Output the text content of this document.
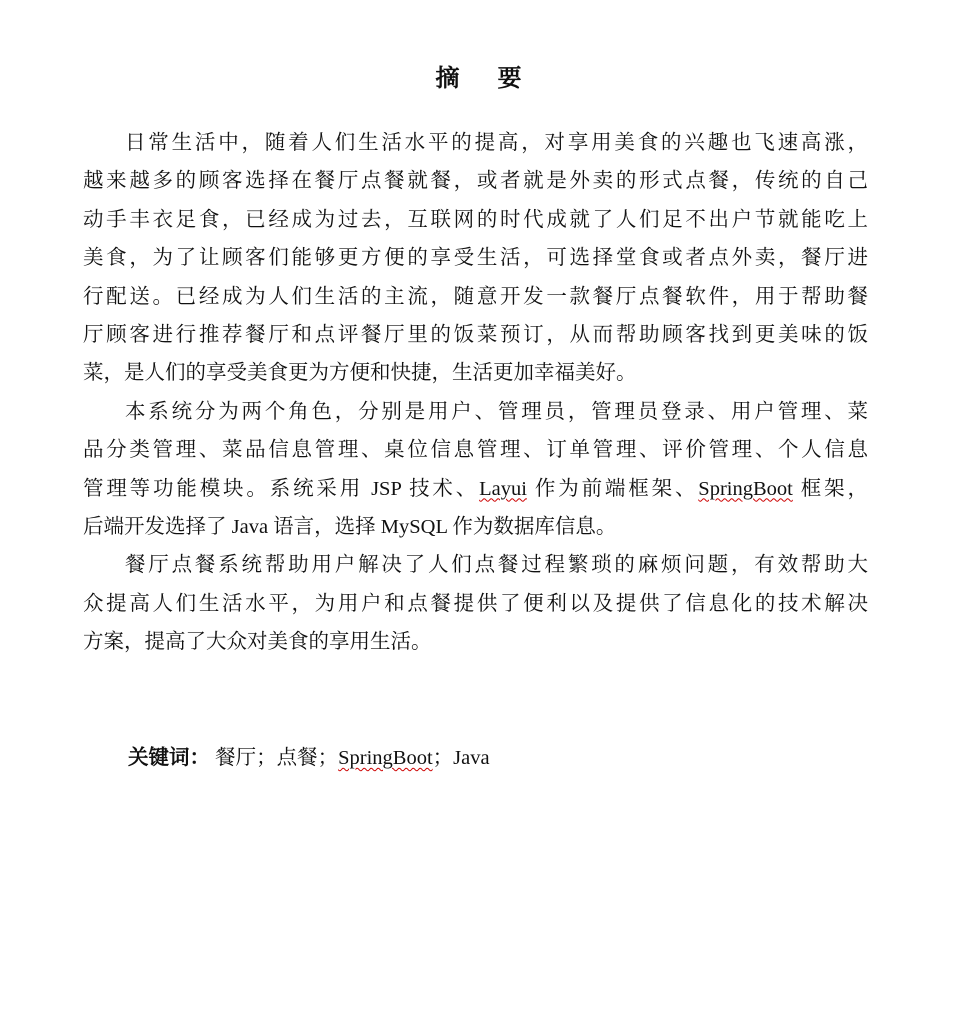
摘要
日常生活中，随着人们生活水平的提高，对享用美食的兴趣也飞速高涨，
越来越多的顾客选择在餐厅点餐就餐，或者就是外卖的形式点餐，传统的自己
动手丰衣足食，已经成为过去，互联网的时代成就了人们足不出户节就能吃上
美食，为了让顾客们能够更方便的享受生活，可选择堂食或者点外卖，餐厅进
行配送。已经成为人们生活的主流，随意开发一款餐厅点餐软件，用于帮助餐
厅顾客进行推荐餐厅和点评餐厅里的饭菜预订，从而帮助顾客找到更美味的饭
菜，是人们的享受美食更为方便和快捷，生活更加幸福美好。
本系统分为两个角色，分别是用户、管理员，管理员登录、用户管理、菜
品分类管理、菜品信息管理、桌位信息管理、订单管理、评价管理、个人信息
管理等功能模块。系统采用 JSP 技术、Layui 作为前端框架、SpringBoot 框架，
后端开发选择了 Java 语言，选择 MySQL 作为数据库信息。
餐厅点餐系统帮助用户解决了人们点餐过程繁琐的麻烦问题，有效帮助大
众提高人们生活水平，为用户和点餐提供了便利以及提供了信息化的技术解决
方案，提高了大众对美食的享用生活。
关键词： 餐厅；点餐；SpringBoot；Java
